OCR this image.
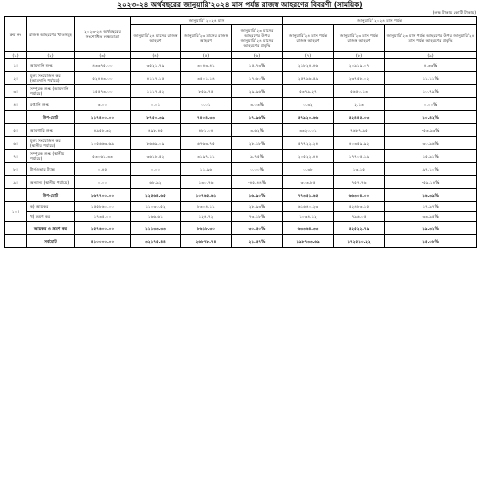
২০২৩-২৪ অর্থবছরের জানুয়ারি'২০২৪ মাস পর্যন্ত রাজস্ব আহরণের বিবরণী (সাময়িক)
(লক্ষ টাকায় কোটি টাকায়)
ক্রম নং	রাজস্ব আহরণের খাতসমূহ	২০২৩-২৪ অর্থবছরের সংশোধিত লক্ষ্যমাত্রা	জানুয়ারি' ২০২৪ মাস			জানুয়ারি' ২০২৪ মাস পর্যন্ত		
			জানুয়ারি'২৪ মাসের রাজস্ব আহরণ	জানুয়ারি'২৩ মাসের রাজস্ব আহরণ	জানুয়ারি'২৩ মাসের আহরণের উপর জানুয়ারি'২৪ মাসের আহরণের প্রবৃদ্ধি	জানুয়ারি'২৪ মাস পর্যন্ত রাজস্ব আহরণ	জানুয়ারি'২৩ মাস পর্যন্ত রাজস্ব আহরণ	জানুয়ারি'২৩ মাস পর্যন্ত আহরণের উপর জানুয়ারি'২৪ মাস পর্যন্ত আহরণের প্রবৃদ্ধি
(১)	(২)	(৩)	(৪)	(৫)	(৬)	(৭)	(৮)	(৯)
১।	আমদানি শুল্ক	৪৩৩৭৫.০০	৩৫২১.৭৯	৩০৪৩.৪১	১৫.৭৩%	২১৮২৪.৪৬	২০৯১৯.০৭	৪.৩৩%
২।	মূল্য সংযোজন কর (আমদানি পর্যায়ে)	৫২৪৪৩.০০	৪১১৭.১৫	৩৫০১.১৪	১৭.৬০%	২৫৭৯৬.৫৯	২৩৭৫৮.০২	১১.১১%
৩।	সম্পূরক শুল্ক (আমদানি পর্যায়ে)	১৫৫৭৩.০০	১১১৭.৫২	৮৫৯.৭৫	২৯.৯৬%	৫৩৭৯.২৭	৫৬৫০.১৩	১০.৭৯%
৪।	রপ্তানি শুল্ক	৩.০০	০.০১	০.০১	৩.০৩%	০.৩২	২.১৩	০.০০%
	উপ-মোট	১১৭৪০০.০০	৮৭৫০.৩৯	৭৪০৪.৩৩	১৭.৯৬%	৫৭৯২০.৬৬	৫২৪৪৫.০৩	১০.৪২%
৫।	আবগারি শুল্ক	৪৯৫৮.৩২	৪৯৮.৪৫	৪৮১.০৪	৩.৬২%	৩৩২০.০১	৭৬৮৭.৯৫	-৫৩.৯৩%
৬।	মূল্য সংযোজন কর (স্থানীয় পর্যায়ে)	১০৫৬৬৩.৬৯	৮৬৬৯.০৯	৬৭৬৩.৭৫	২৮.১৮%	৫৭৭২২.২৪	৪০৩৫৯.৯২	৩০.৯৬%
৭।	সম্পূরক শুল্ক (স্থানীয় পর্যায়ে)	৫৩০৬১.৩৩	৩৬১৮.৫২	৩১৯৭.১১	৯.৭৫%	২০৫২২.৪৪	১৭৭০৫.১৯	১৫.৯১%
৮।	টার্নওভার ট্যাক্স	০.৪৫	০.০০	১১.৯৬	০.০০%	০.৩৮	১৩.১৫	৯৭.১০%
৯।	অন্যান্য (স্থানীয় পর্যায়ে)	০.০০	৬৮.৯২	১৩০.৭৬	-৪৫.৪৪%	৩০৩.৮৫	৭৫৭.৭৬	-৫৯.১৪%
	উপ-মোট	১৬৭৭০০.০০	১২৫৬৪.৬৫	১০৭৬৫.৬১	১৬.৯০%	৭৭৩৫১.৬৫	৬৬৩০৪.০০	১৬.৩৯%
১০।	ক) আয়কর	১৫৫৮৬০.০০	১১০৩০.৫২	৮৩০৪.১১	২৮.৯৩%	৬১৬৪০.২৩	৫২৪৮৩.১৫	১৭.৯৭%
	খ) ভ্রমণ কর	১৭৩৫.০০	১৬৬.৬১	১২৪.৭২	৭৩.১৮%	১০৩৪.১২	৭৯৬.০৫	৩৩.৯৫%
	আয়কর ও ভ্রমণ কর	১৫৭৬০০.০০	১১১৩৩.৩৩	৮৬১৮.৩০	৩০.৫০%	৬৩৩৬৪.৩৩	৫২৫২২.৭৯	১৯.৩১%
	সর্বমোট	৪১০০০০.০০	৩২১৭৫.৪৪	২৬৮৭৮.৭৪	২১.৫৭%	১৯৮৭৩৩.৬৯	১৭২৫১০.২২	১৫.০৮%
